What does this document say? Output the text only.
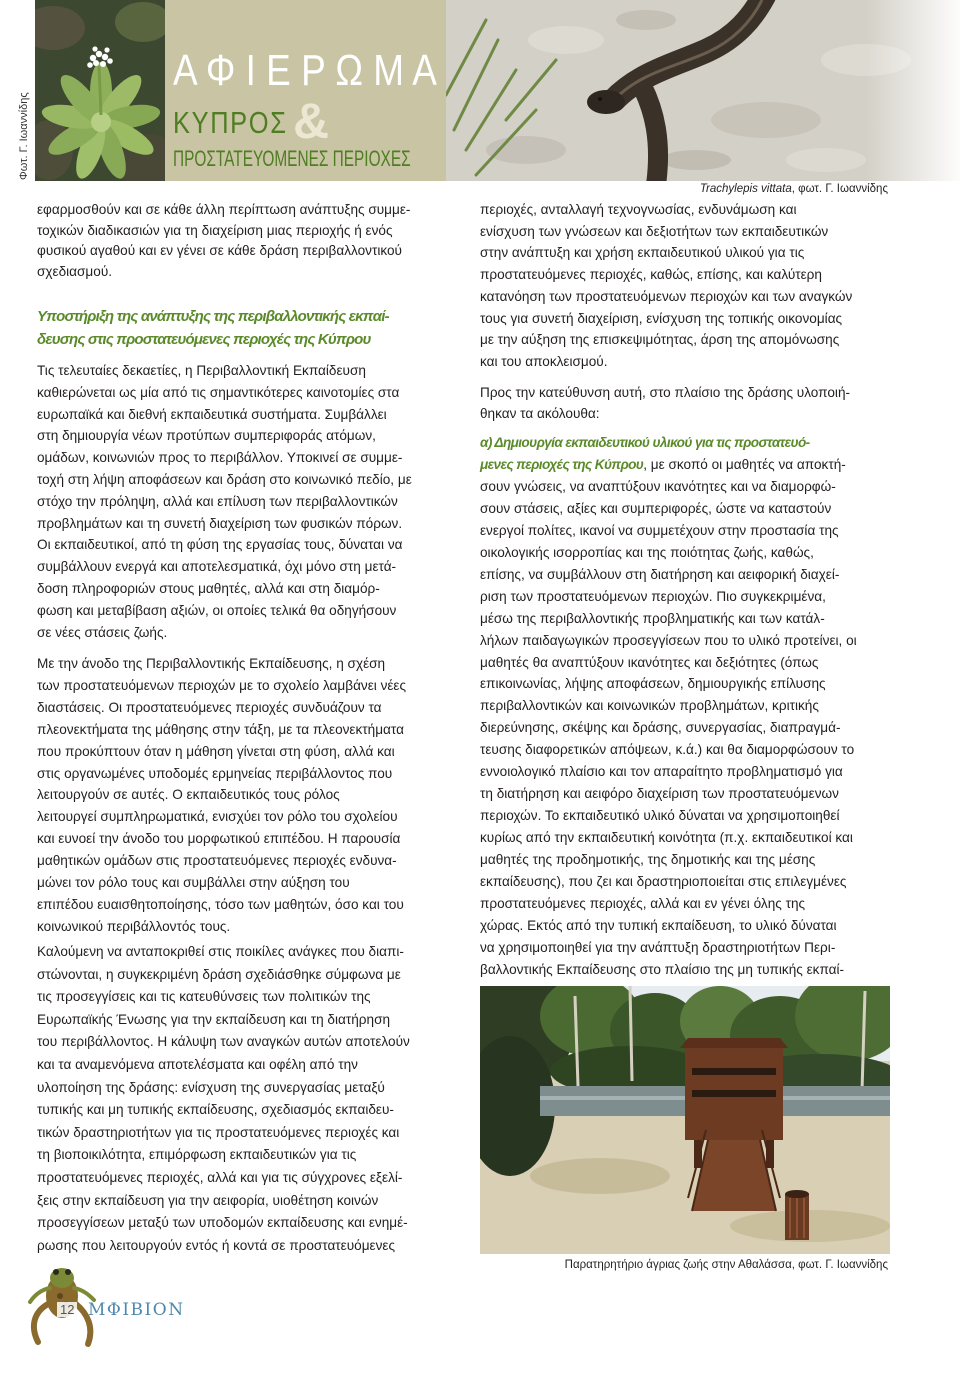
Φωτ. Γ. Ιωαννίδης
Α Φ Ι Ε Ρ Ω Μ Α
&
ΚΥΠΡΟΣ
ΠΡΟΣΤΑΤΕΥΟΜΕΝΕΣ ΠΕΡΙΟΧΕΣ
Trachylepis vittata, φωτ. Γ. Ιωαννίδης
εφαρμοσθούν και σε κάθε άλλη περίπτωση ανάπτυξης συμμε-
τοχικών διαδικασιών για τη διαχείριση μιας περιοχής ή ενός
φυσικού αγαθού και εν γένει σε κάθε δράση περιβαλλοντικού
σχεδιασμού.
Υποστήριξη της ανάπτυξης της περιβαλλοντικής εκπαί-
δευσης στις προστατευόμενες περιοχές της Κύπρου
Τις τελευταίες δεκαετίες, η Περιβαλλοντική Εκπαίδευση
καθιερώνεται ως μία από τις σημαντικότερες καινοτομίες στα
ευρωπαϊκά και διεθνή εκπαιδευτικά συστήματα. Συμβάλλει
στη δημιουργία νέων προτύπων συμπεριφοράς ατόμων,
ομάδων, κοινωνιών προς το περιβάλλον. Υποκινεί σε συμμε-
τοχή στη λήψη αποφάσεων και δράση στο κοινωνικό πεδίο, με
στόχο την πρόληψη, αλλά και επίλυση των περιβαλλοντικών
προβλημάτων και τη συνετή διαχείριση των φυσικών πόρων.
Οι εκπαιδευτικοί, από τη φύση της εργασίας τους, δύναται να
συμβάλλουν ενεργά και αποτελεσματικά, όχι μόνο στη μετά-
δοση πληροφοριών στους μαθητές, αλλά και στη διαμόρ-
φωση και μεταβίβαση αξιών, οι οποίες τελικά θα οδηγήσουν
σε νέες στάσεις ζωής.
Με την άνοδο της Περιβαλλοντικής Εκπαίδευσης, η σχέση
των προστατευόμενων περιοχών με το σχολείο λαμβάνει νέες
διαστάσεις. Οι προστατευόμενες περιοχές συνδυάζουν τα
πλεονεκτήματα της μάθησης στην τάξη, με τα πλεονεκτήματα
που προκύπτουν όταν η μάθηση γίνεται στη φύση, αλλά και
στις οργανωμένες υποδομές ερμηνείας περιβάλλοντος που
λειτουργούν σε αυτές. Ο εκπαιδευτικός τους ρόλος
λειτουργεί συμπληρωματικά, ενισχύει τον ρόλο του σχολείου
και ευνοεί την άνοδο του μορφωτικού επιπέδου. Η παρουσία
μαθητικών ομάδων στις προστατευόμενες περιοχές ενδυνα-
μώνει τον ρόλο τους και συμβάλλει στην αύξηση του
επιπέδου ευαισθητοποίησης, τόσο των μαθητών, όσο και του
κοινωνικού περιβάλλοντός τους.
Καλούμενη να ανταποκριθεί στις ποικίλες ανάγκες που διαπι-
στώνονται, η συγκεκριμένη δράση σχεδιάσθηκε σύμφωνα με
τις προσεγγίσεις και τις κατευθύνσεις των πολιτικών της
Ευρωπαϊκής Ένωσης για την εκπαίδευση και τη διατήρηση
του περιβάλλοντος. Η κάλυψη των αναγκών αυτών αποτελούν
και τα αναμενόμενα αποτελέσματα και οφέλη από την
υλοποίηση της δράσης: ενίσχυση της συνεργασίας μεταξύ
τυπικής και μη τυπικής εκπαίδευσης, σχεδιασμός εκπαιδευ-
τικών δραστηριοτήτων για τις προστατευόμενες περιοχές και
τη βιοποικιλότητα, επιμόρφωση εκπαιδευτικών για τις
προστατευόμενες περιοχές, αλλά και για τις σύγχρονες εξελί-
ξεις στην εκπαίδευση για την αειφορία, υιοθέτηση κοινών
προσεγγίσεων μεταξύ των υποδομών εκπαίδευσης και ενημέ-
ρωσης που λειτουργούν εντός ή κοντά σε προστατευόμενες
περιοχές, ανταλλαγή τεχνογνωσίας, ενδυνάμωση και
ενίσχυση των γνώσεων και δεξιοτήτων των εκπαιδευτικών
στην ανάπτυξη και χρήση εκπαιδευτικού υλικού για τις
προστατευόμενες περιοχές, καθώς, επίσης, και καλύτερη
κατανόηση των προστατευόμενων περιοχών και των αναγκών
τους για συνετή διαχείριση, ενίσχυση της τοπικής οικονομίας
με την αύξηση της επισκεψιμότητας, άρση της απομόνωσης
και του αποκλεισμού.
Προς την κατεύθυνση αυτή, στο πλαίσιο της δράσης υλοποιή-
θηκαν τα ακόλουθα:
α) Δημιουργία εκπαιδευτικού υλικού για τις προστατευό-
μενες περιοχές της Κύπρου, με σκοπό οι μαθητές να αποκτή-
σουν γνώσεις, να αναπτύξουν ικανότητες και να διαμορφώ-
σουν στάσεις, αξίες και συμπεριφορές, ώστε να καταστούν
ενεργοί πολίτες, ικανοί να συμμετέχουν στην προστασία της
οικολογικής ισορροπίας και της ποιότητας ζωής, καθώς,
επίσης, να συμβάλλουν στη διατήρηση και αειφορική διαχεί-
ριση των προστατευόμενων περιοχών. Πιο συγκεκριμένα,
μέσω της περιβαλλοντικής προβληματικής και των κατάλ-
λήλων παιδαγωγικών προσεγγίσεων που το υλικό προτείνει, οι
μαθητές θα αναπτύξουν ικανότητες και δεξιότητες (όπως
επικοινωνίας, λήψης αποφάσεων, δημιουργικής επίλυσης
περιβαλλοντικών και κοινωνικών προβλημάτων, κριτικής
διερεύνησης, σκέψης και δράσης, συνεργασίας, διαπραγμά-
τευσης διαφορετικών απόψεων, κ.ά.) και θα διαμορφώσουν το
εννοιολογικό πλαίσιο και τον απαραίτητο προβληματισμό για
τη διατήρηση και αειφόρο διαχείριση των προστατευόμενων
περιοχών. Το εκπαιδευτικό υλικό δύναται να χρησιμοποιηθεί
κυρίως από την εκπαιδευτική κοινότητα (π.χ. εκπαιδευτικοί και
μαθητές της προδημοτικής, της δημοτικής και της μέσης
εκπαίδευσης), που ζει και δραστηριοποιείται στις επιλεγμένες
προστατευόμενες περιοχές, αλλά και εν γένει όλης της
χώρας. Εκτός από την τυπική εκπαίδευση, το υλικό δύναται
να χρησιμοποιηθεί για την ανάπτυξη δραστηριοτήτων Περι-
βαλλοντικής Εκπαίδευσης στο πλαίσιο της μη τυπικής εκπαί-
Παρατηρητήριο άγριας ζωής στην Αθαλάσσα, φωτ. Γ. Ιωαννίδης
12 ΜΦΙΒΙΟΝ
